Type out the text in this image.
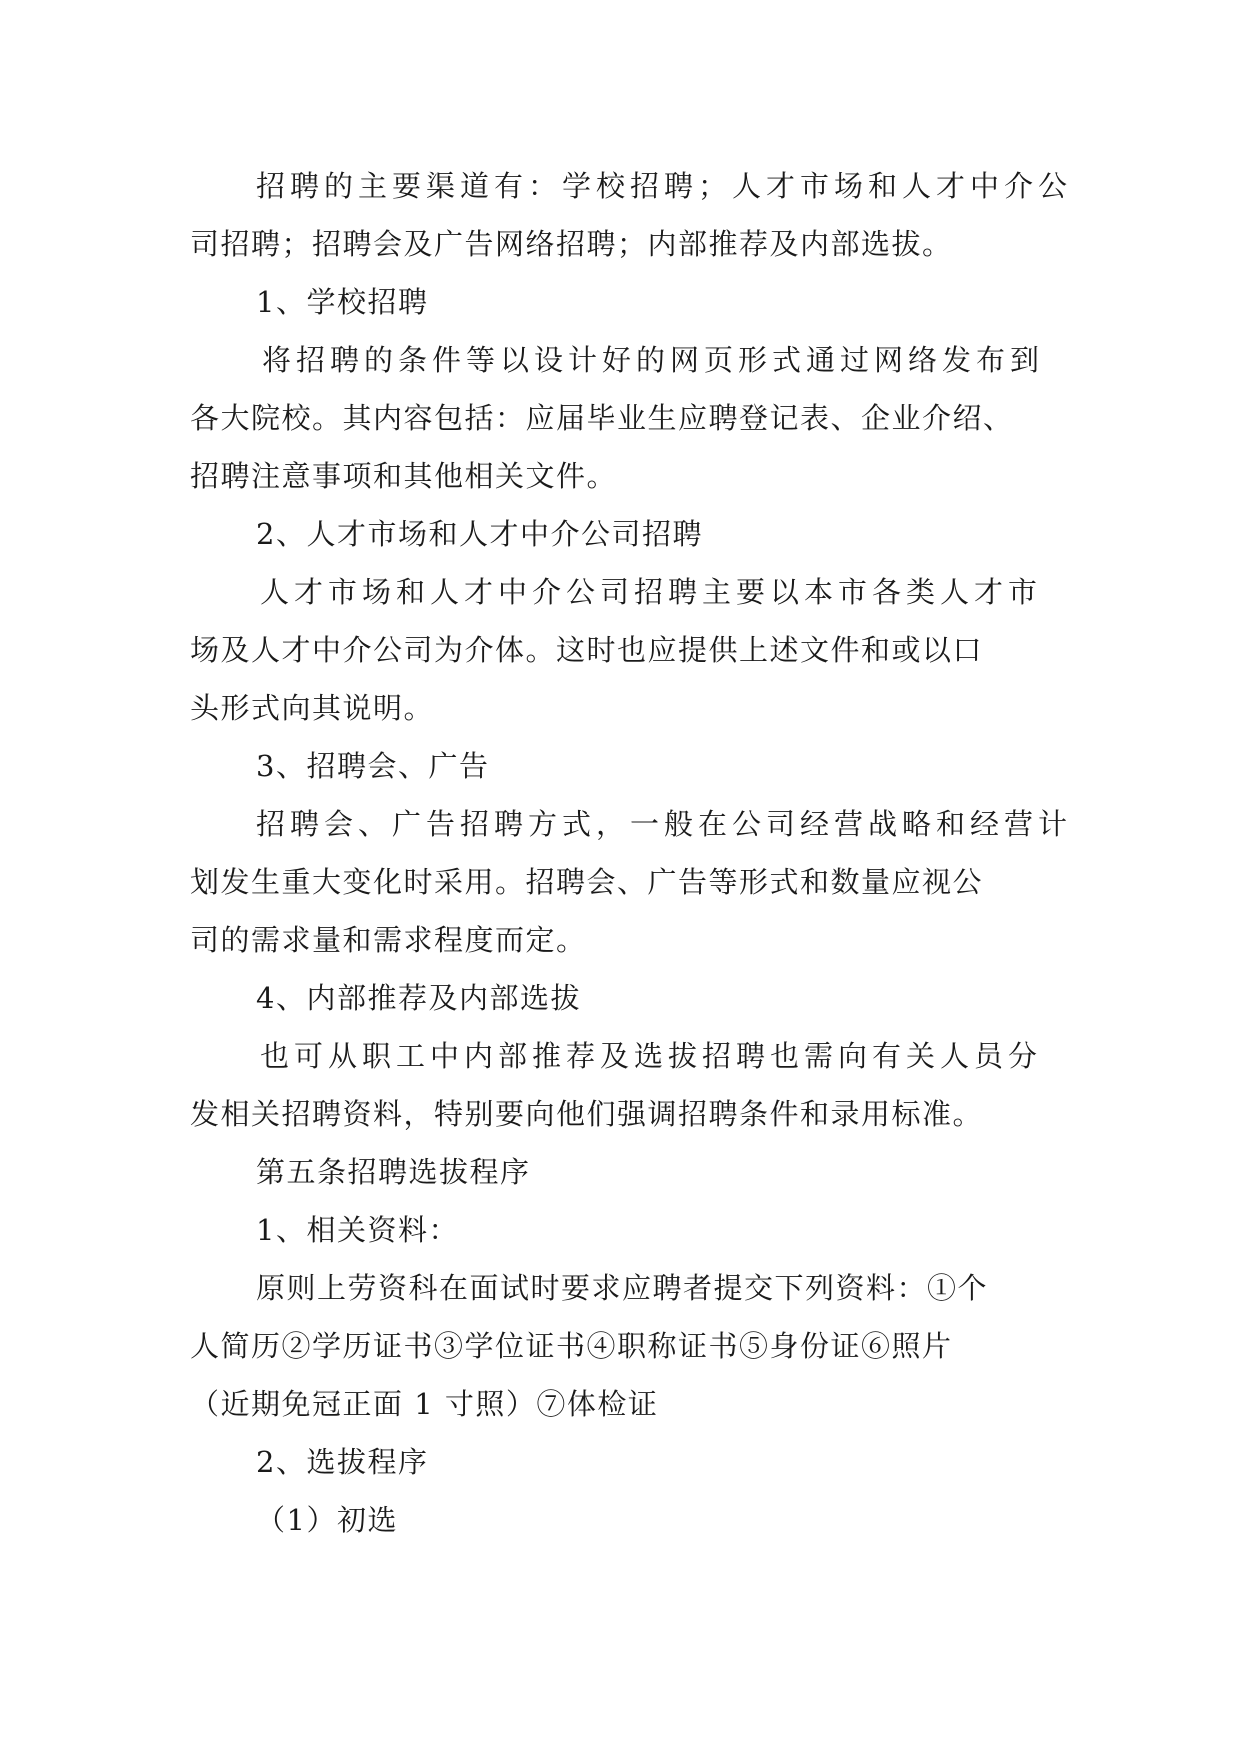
招聘的主要渠道有：学校招聘；人才市场和人才中介公
司招聘；招聘会及广告网络招聘；内部推荐及内部选拔。
1、学校招聘
将招聘的条件等以设计好的网页形式通过网络发布到
各大院校。其内容包括：应届毕业生应聘登记表、企业介绍、
招聘注意事项和其他相关文件。
2、人才市场和人才中介公司招聘
人才市场和人才中介公司招聘主要以本市各类人才市
场及人才中介公司为介体。这时也应提供上述文件和或以口
头形式向其说明。
3、招聘会、广告
招聘会、广告招聘方式，一般在公司经营战略和经营计
划发生重大变化时采用。招聘会、广告等形式和数量应视公
司的需求量和需求程度而定。
4、内部推荐及内部选拔
也可从职工中内部推荐及选拔招聘也需向有关人员分
发相关招聘资料，特别要向他们强调招聘条件和录用标准。
第五条招聘选拔程序
1、相关资料：
原则上劳资科在面试时要求应聘者提交下列资料：①个
人简历②学历证书③学位证书④职称证书⑤身份证⑥照片
（近期免冠正面 1 寸照）⑦体检证
2、选拔程序
（1）初选
